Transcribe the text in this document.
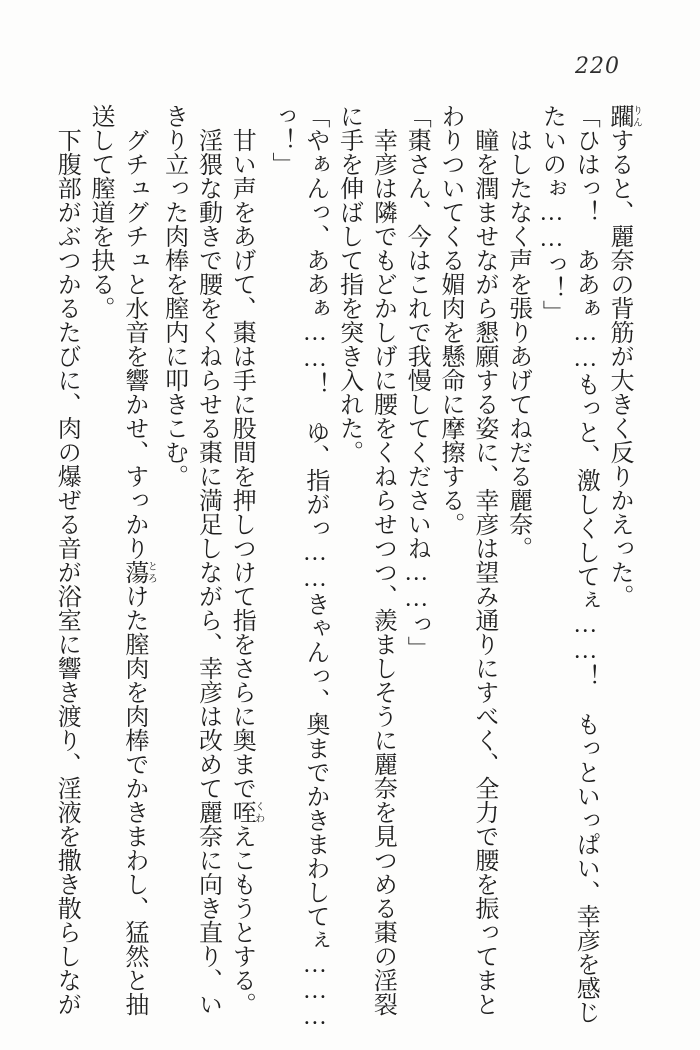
220

躙りんすると、麗奈の背筋が大きく反りかえった。

「ひはっ！　ああぁ……もっと、激しくしてぇ……！　もっといっぱい、幸彦を感じ

たいのぉ……っ！」

はしたなく声を張りあげてねだる麗奈。

瞳を潤ませながら懇願する姿に、幸彦は望み通りにすべく、全力で腰を振ってまと

わりついてくる媚肉を懸命に摩擦する。

「棗さん、今はこれで我慢してくださいね……っ」

幸彦は隣でもどかしげに腰をくねらせつつ、羨ましそうに麗奈を見つめる棗の淫裂

に手を伸ばして指を突き入れた。

「やぁんっ、ああぁ……！　ゆ、指がっ……きゃんっ、奥までかきまわしてぇ………

っ！」

甘い声をあげて、棗は手に股間を押しつけて指をさらに奥まで咥くわえこもうとする。

淫猥な動きで腰をくねらせる棗に満足しながら、幸彦は改めて麗奈に向き直り、い

きり立った肉棒を膣内に叩きこむ。

グチュグチュと水音を響かせ、すっかり蕩とろけた膣肉を肉棒でかきまわし、猛然と抽

送して膣道を抉る。

下腹部がぶつかるたびに、肉の爆ぜる音が浴室に響き渡り、淫液を撒き散らしなが
